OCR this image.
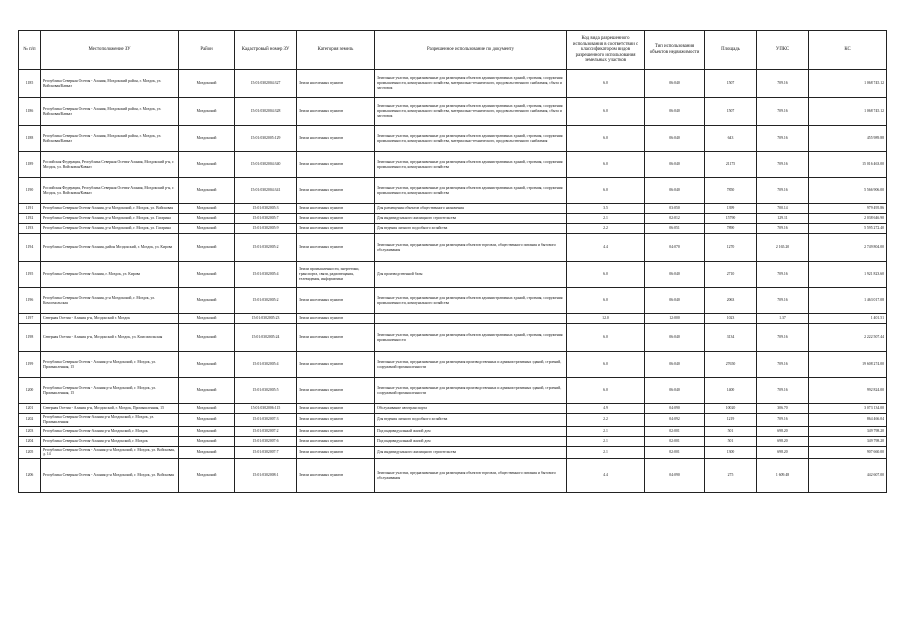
№ п/п	Местоположение ЗУ	Район	Кадастровый номер ЗУ	Категория земель	Разрешенное использование по документу	Код вида разрешенного использования в соответствии с классификатором видов разрешенного использования земельных участков	Тип использования объектов недвижимости	Площадь	УПКС	КС
1185	Республика Северная Осетия - Алания, Моздокский район, г. Моздок, ул. Войсковая/Кавказ	Моздокский	15:01:0302004:327	Земли населенных пунктов	Земельные участки, предназначенные для размещения объектов административных зданий, строения, сооружения промышленности, коммунального хозяйства, материально-технического, продовольственного снабжения, сбыта и заготовок	6.0	06:040	1507	709.16	1 068 745.12
1186	Республика Северная Осетия - Алания, Моздокский район, г. Моздок, ул. Войсковая/Кавказ	Моздокский	15:01:0302004:328	Земли населенных пунктов	Земельные участки, предназначенные для размещения объектов административных зданий, строения, сооружения промышленности, коммунального хозяйства, материально-технического, продовольственного снабжения, сбыта и заготовок	6.0	06:040	1507	709.16	1 068 745.12
1188	Республика Северная Осетия - Алания, Моздокский район, г. Моздок, ул. Войсковая/Кавказ	Моздокский	15:01:0302005:129	Земли населенных пунктов	Земельные участки, предназначенные для размещения объектов административных зданий, строения, сооружения промышленности, коммунального хозяйства, материально-технического, продовольственного снабжения	6.0	06:040	643	709.16	455 989.88
1189	Российская Федерация, Республика Северная Осетия-Алания, Моздокский р-н, г. Моздок, ул. Войсковая/Кавказ	Моздокский	15:01:0302004:340	Земли населенных пунктов	Земельные участки, предназначенные для размещения объектов административных зданий, строения, сооружения промышленности, коммунального хозяйства	6.0	06:040	21175	709.16	15 016 463.00
1190	Российская Федерация, Республика Северная Осетия-Алания, Моздокский р-н, г. Моздок, ул. Войсковая/Кавказ	Моздокский	15:01:0302004:341	Земли населенных пунктов	Земельные участки, предназначенные для размещения объектов административных зданий, строения, сооружения промышленности, коммунального хозяйства	6.0	06:040	7850	709.16	5 566 906.00
1191	Республика Северная Осетия-Алания, р-н Моздокский, г. Моздок, ул. Войсковая	Моздокский	15:01:0302005:3	Земли населенных пунктов	Для размещения объектов общественного назначения	3.5	03:050	1399	700.14	979 495.86
1192	Республика Северная Осетия-Алания, р-н Моздокский, г. Моздок, ул. Гагарина	Моздокский	15:01:0302005:7	Земли населенных пунктов	Для индивидуального жилищного строительства	2.1	02:012	15790	129.11	2 038 646.90
1193	Республика Северная Осетия-Алания, р-н Моздокский, г. Моздок, ул. Гагарина	Моздокский	15:01:0302005:9	Земли населенных пунктов	Для ведения личного подсобного хозяйства	2.2	06:051	7890	709.16	5 595 272.40
1194	Республика Северная Осетия-Алания, район Моздокский, г. Моздок, ул. Кирова	Моздокский	15:01:0302005:2	Земли населенных пунктов	Земельные участки, предназначенные для размещения объектов торговли, общественного питания и бытового обслуживания	4.4	04:070	1270	2 165.20	2 749 804.00
1195	Республика Северная Осетия-Алания, г. Моздок, ул. Кирова	Моздокский	15:01:0302005:4	Земли промышленности, энергетики, транспорта, связи, радиовещания, телевидения, информатики	Для производственной базы	6.0	06:040	2710	709.16	1 921 823.60
1196	Республика Северная Осетия-Алания, р-н Моздокский, г. Моздок, ул. Комсомольская	Моздокский	15:01:0302005:2	Земли населенных пунктов	Земельные участки, предназначенные для размещения объектов административных зданий, строения, сооружения промышленности, коммунального хозяйства	6.0	06:040	2063	709.16	1 463 017.08
1197	Северная Осетия - Алания р-н, Моздокский г. Моздок	Моздокский	15:01:0302005:23	Земли населенных пунктов		12.0	12:000	1023	1.37	1 401.51
1198	Северная Осетия - Алания р-н, Моздокский г. Моздок, ул. Комсомольская	Моздокский	15:01:0302005:24	Земли населенных пунктов	Земельные участки, предназначенные для размещения объектов административных зданий, строения, сооружения промышленности	6.0	06:040	3134	709.16	2 222 507.44
1199	Республика Северная Осетия - Алания р-н Моздокский, г. Моздок, ул. Промышленная, 15	Моздокский	15:01:0302005:4	Земли населенных пунктов	Земельные участки, предназначенные для размещения производственных и административных зданий, строений, сооружений промышленности	6.0	06:040	27650	709.16	19 608 274.00
1200	Республика Северная Осетия - Алания р-н Моздокский, г. Моздок, ул. Промышленная, 15	Моздокский	15:01:0302005:5	Земли населенных пунктов	Земельные участки, предназначенные для размещения производственных и административных зданий, строений, сооружений промышленности	6.0	06:040	1400	709.16	992 824.00
1201	Северная Осетия - Алания р-н, Моздокский, г. Моздок, Промышленная, 15	Моздокский	15:01:0302006:115	Земли населенных пунктов	Обслуживание автотранспорта	4.9	04:090	10020	306.70	3 073 134.00
1202	Республика Северная Осетия-Алания р-н Моздокский, г. Моздок, ул. Промышленная	Моздокский	15:01:0302007:3	Земли населенных пунктов	Для ведения личного подсобного хозяйства	2.2	04:092	1219	709.16	864 466.04
1203	Республика Северная Осетия-Алания р-н Моздокский, г. Моздок	Моздокский	15:01:0302007:2	Земли населенных пунктов	Под индивидуальный жилой дом	2.1	02:001	501	698.20	349 798.20
1204	Республика Северная Осетия-Алания р-н Моздокский, г. Моздок	Моздокский	15:01:0302007:6	Земли населенных пунктов	Под индивидуальный жилой дом	2.1	02:001	501	698.20	349 798.20
1205	Республика Северная Осетия - Алания р-н Моздокский, г. Моздок, ул. Войсковая, д. 14	Моздокский	15:01:0302007:7	Земли населенных пунктов	Для индивидуального жилищного строительства	2.1	02:001	1300	698.20	907 660.00
1206	Республика Северная Осетия - Алания р-н Моздокский, г. Моздок, ул. Войсковая	Моздокский	15:01:0302008:1	Земли населенных пунктов	Земельные участки, предназначенные для размещения объектов торговли, общественного питания и бытового обслуживания	4.4	04:090	275	1 609.48	442 607.00
